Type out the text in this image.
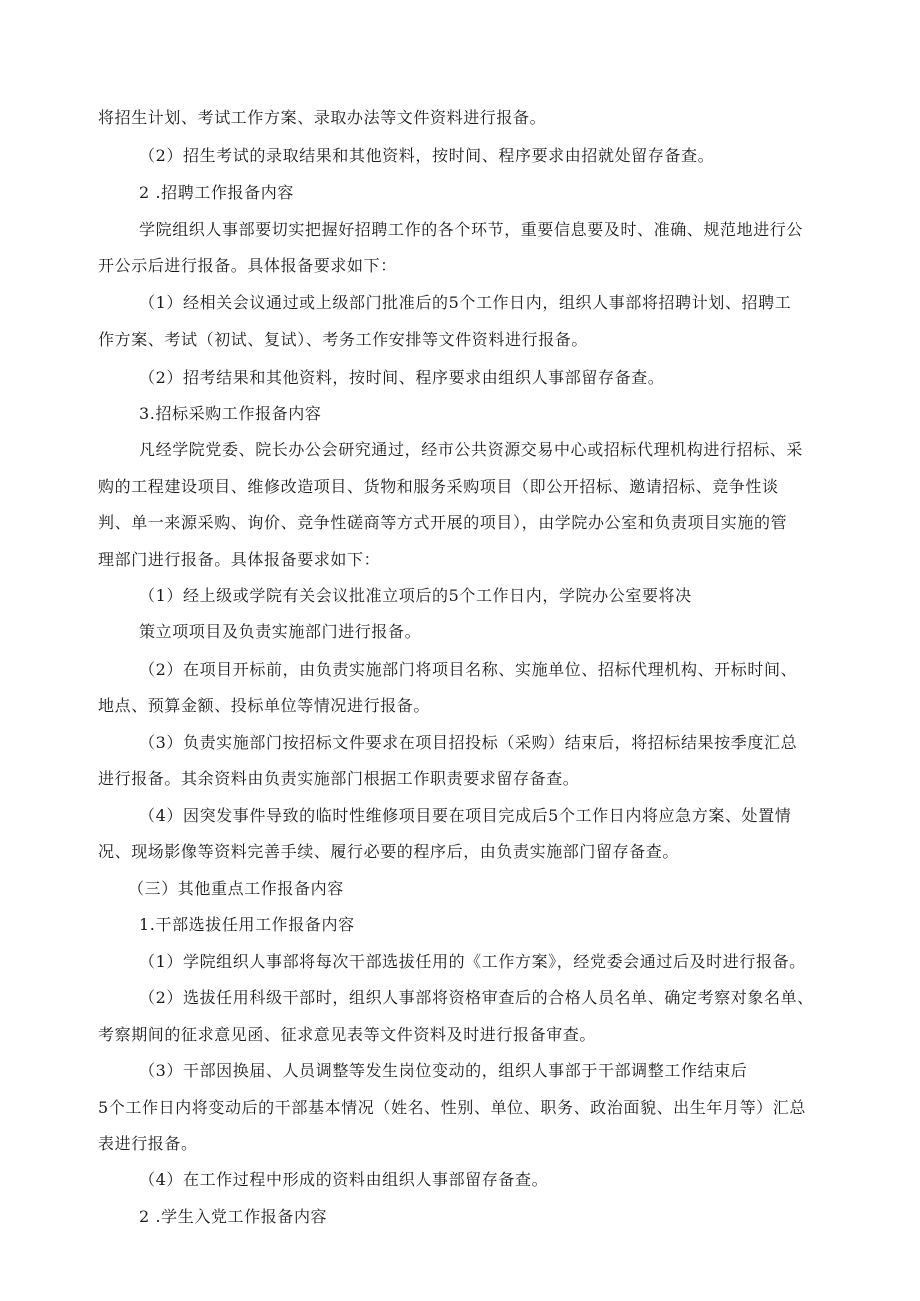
将招生计划、考试工作方案、录取办法等文件资料进行报备。
（2）招生考试的录取结果和其他资料，按时间、程序要求由招就处留存备查。
2 .招聘工作报备内容
学院组织人事部要切实把握好招聘工作的各个环节，重要信息要及时、准确、规范地进行公
开公示后进行报备。具体报备要求如下：
（1）经相关会议通过或上级部门批准后的5个工作日内，组织人事部将招聘计划、招聘工
作方案、考试（初试、复试）、考务工作安排等文件资料进行报备。
（2）招考结果和其他资料，按时间、程序要求由组织人事部留存备查。
3.招标采购工作报备内容
凡经学院党委、院长办公会研究通过，经市公共资源交易中心或招标代理机构进行招标、采
购的工程建设项目、维修改造项目、货物和服务采购项目（即公开招标、邀请招标、竞争性谈
判、单一来源采购、询价、竞争性磋商等方式开展的项目），由学院办公室和负责项目实施的管
理部门进行报备。具体报备要求如下：
（1）经上级或学院有关会议批准立项后的5个工作日内，学院办公室要将决
策立项项目及负责实施部门进行报备。
（2）在项目开标前，由负责实施部门将项目名称、实施单位、招标代理机构、开标时间、
地点、预算金额、投标单位等情况进行报备。
（3）负责实施部门按招标文件要求在项目招投标（采购）结束后，将招标结果按季度汇总
进行报备。其余资料由负责实施部门根据工作职责要求留存备查。
（4）因突发事件导致的临时性维修项目要在项目完成后5个工作日内将应急方案、处置情
况、现场影像等资料完善手续、履行必要的程序后，由负责实施部门留存备查。
（三）其他重点工作报备内容
1.干部选拔任用工作报备内容
（1）学院组织人事部将每次干部选拔任用的《工作方案》，经党委会通过后及时进行报备。
（2）选拔任用科级干部时，组织人事部将资格审查后的合格人员名单、确定考察对象名单、
考察期间的征求意见函、征求意见表等文件资料及时进行报备审查。
（3）干部因换届、人员调整等发生岗位变动的，组织人事部于干部调整工作结束后
5个工作日内将变动后的干部基本情况（姓名、性别、单位、职务、政治面貌、出生年月等）汇总
表进行报备。
（4）在工作过程中形成的资料由组织人事部留存备查。
2 .学生入党工作报备内容
